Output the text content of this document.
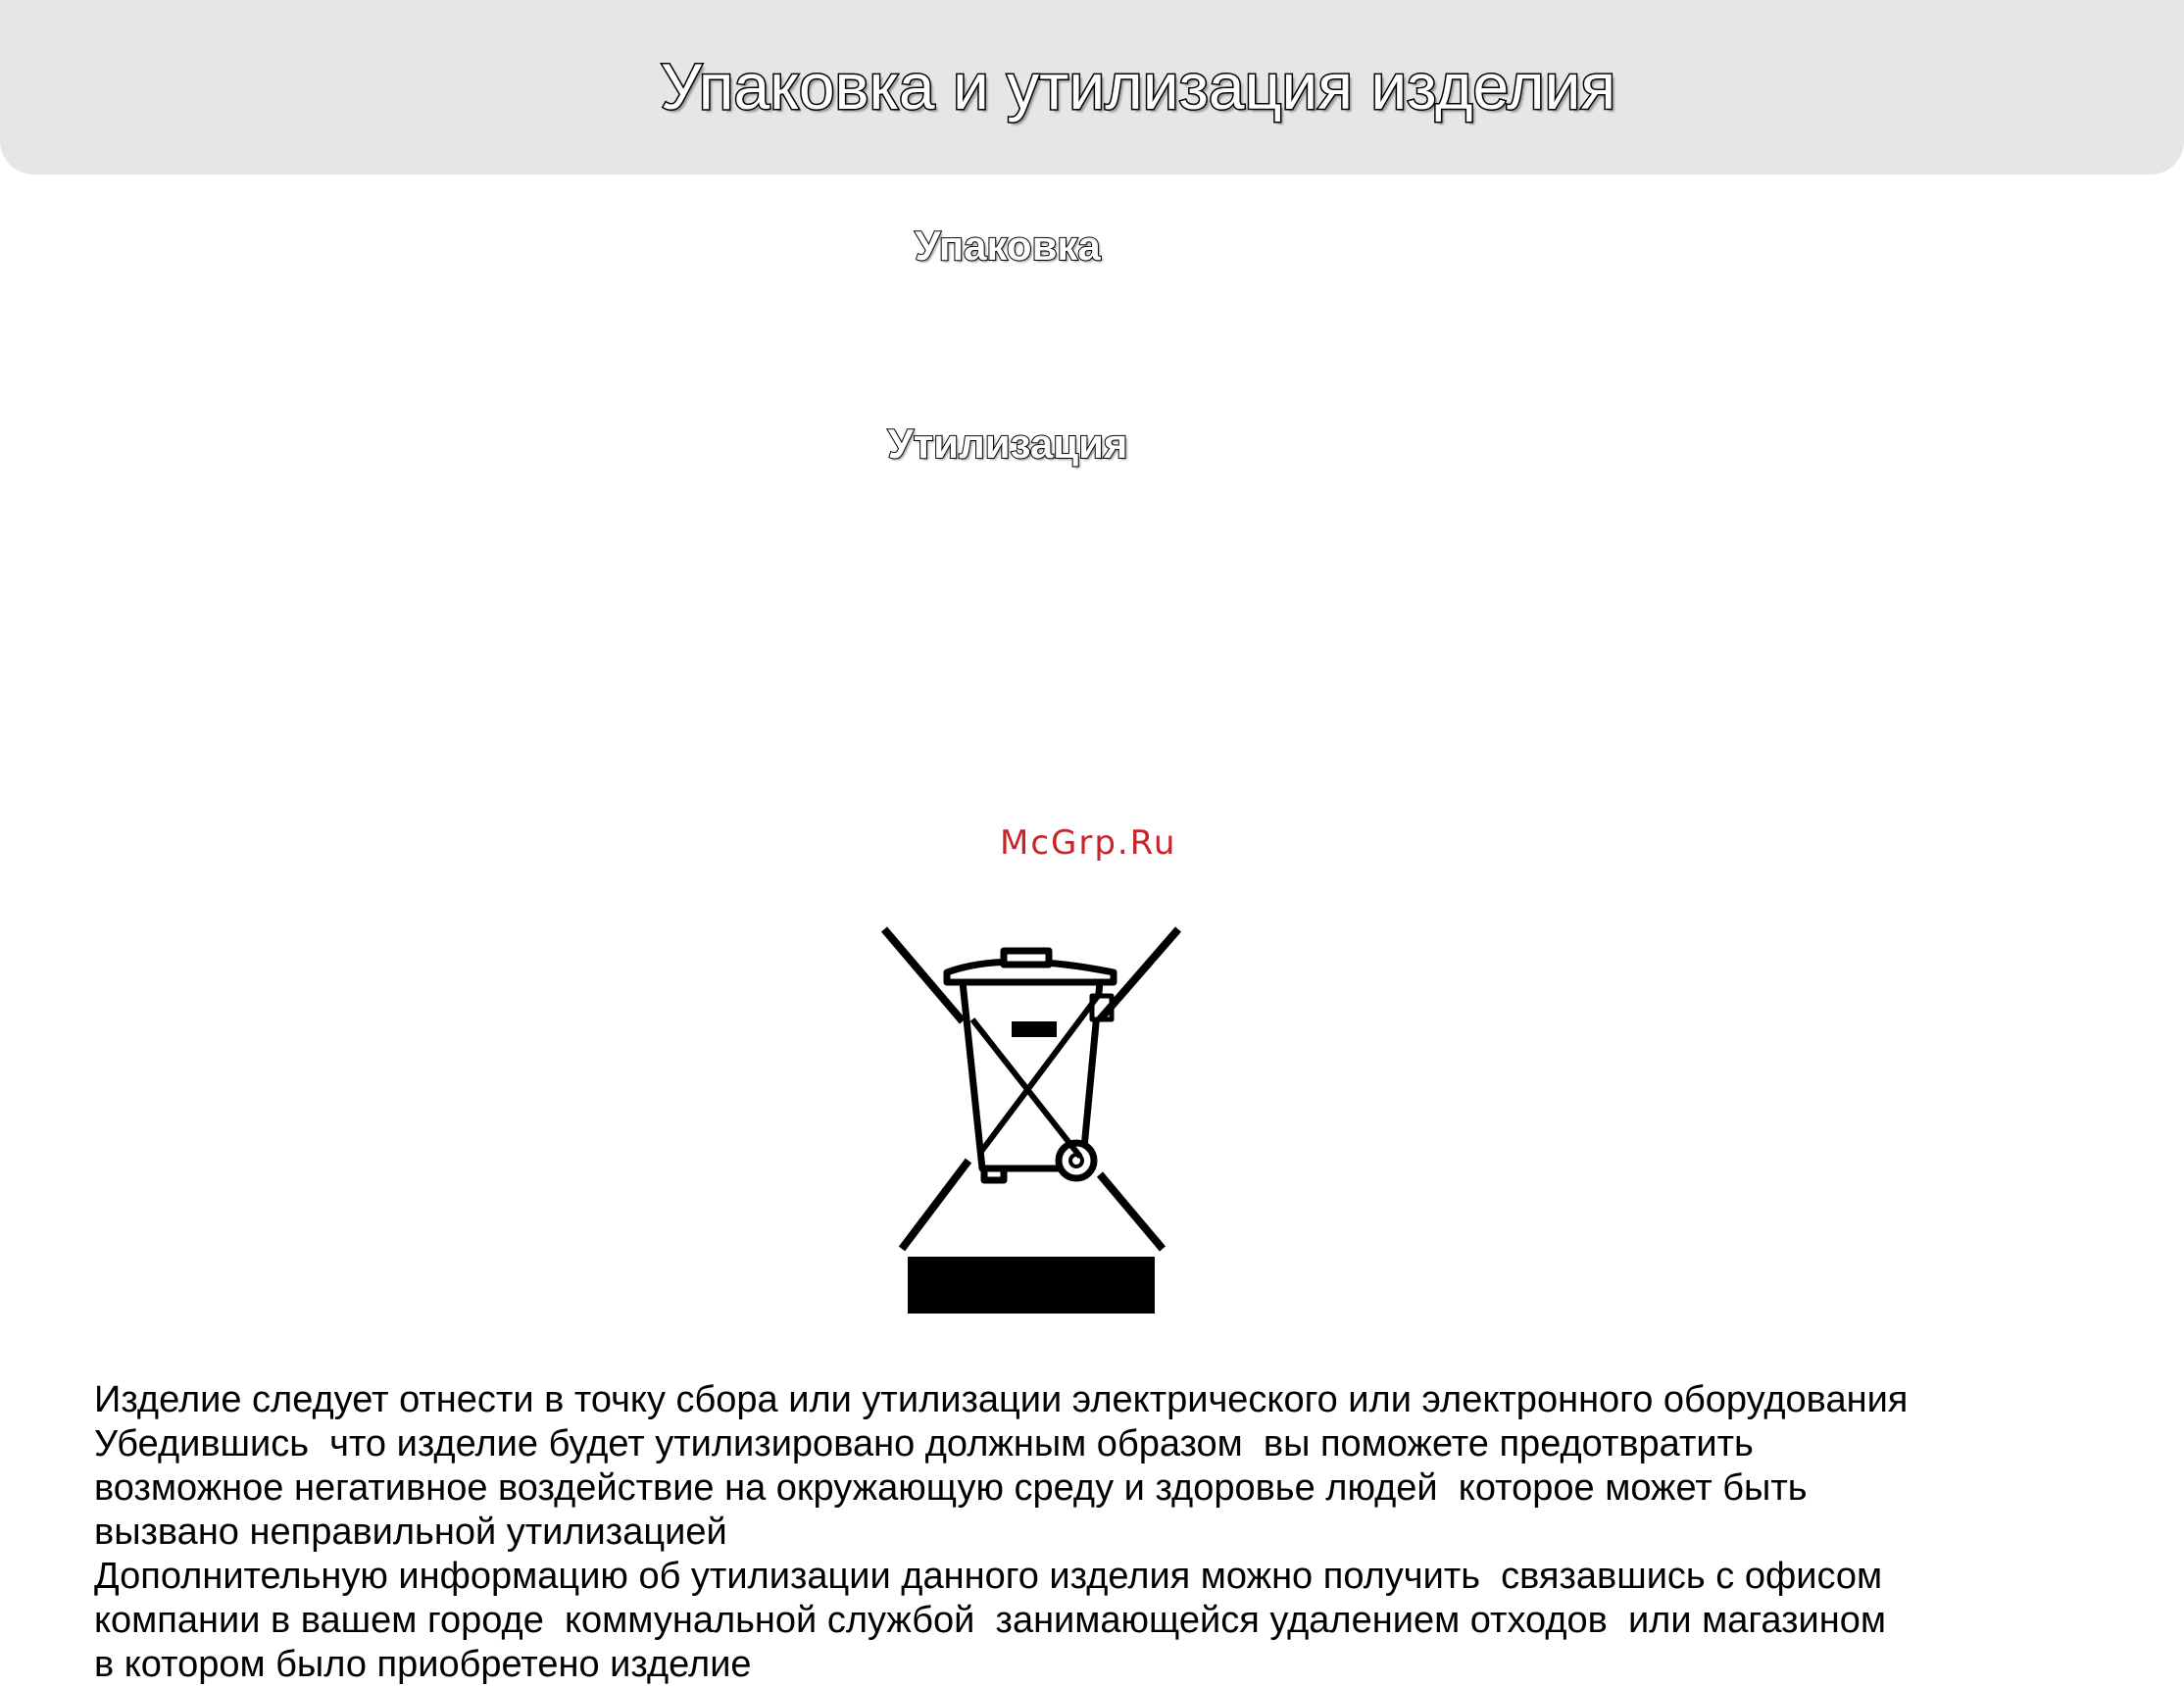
Упаковка и утилизация изделия
Упаковка
Утилизация
McGrp.Ru

Изделие следует отнести в точку сбора или утилизации электрического или электронного оборудования

Убедившись  что изделие будет утилизировано должным образом  вы поможете предотвратить

возможное негативное воздействие на окружающую среду и здоровье людей  которое может быть

вызвано неправильной утилизацией

Дополнительную информацию об утилизации данного изделия можно получить  связавшись с офисом

компании в вашем городе  коммунальной службой  занимающейся удалением отходов  или магазином

в котором было приобретено изделие
